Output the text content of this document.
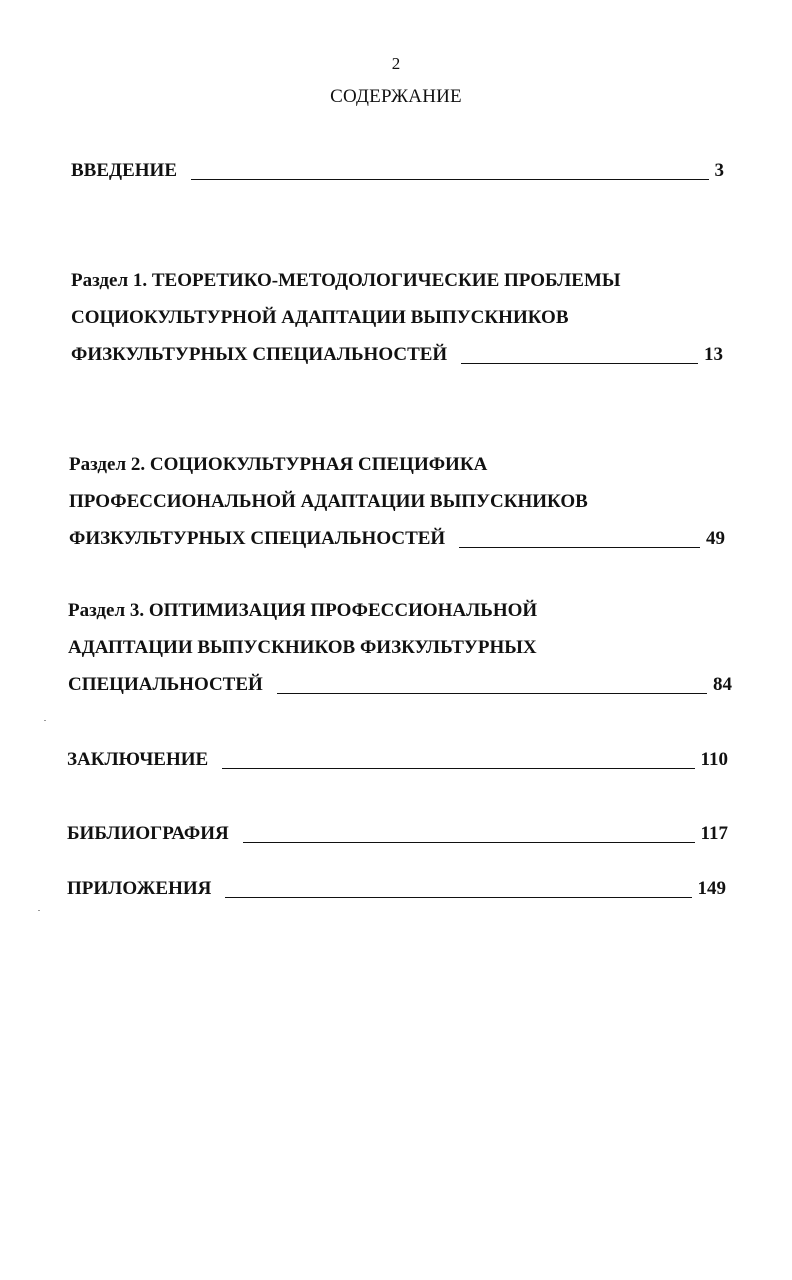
2
СОДЕРЖАНИЕ
ВВЕДЕНИЕ	3
Раздел 1. ТЕОРЕТИКО-МЕТОДОЛОГИЧЕСКИЕ ПРОБЛЕМЫ
СОЦИОКУЛЬТУРНОЙ АДАПТАЦИИ ВЫПУСКНИКОВ
ФИЗКУЛЬТУРНЫХ СПЕЦИАЛЬНОСТЕЙ	13
Раздел 2. СОЦИОКУЛЬТУРНАЯ СПЕЦИФИКА
ПРОФЕССИОНАЛЬНОЙ АДАПТАЦИИ ВЫПУСКНИКОВ
ФИЗКУЛЬТУРНЫХ СПЕЦИАЛЬНОСТЕЙ	49
Раздел 3. ОПТИМИЗАЦИЯ ПРОФЕССИОНАЛЬНОЙ
АДАПТАЦИИ ВЫПУСКНИКОВ ФИЗКУЛЬТУРНЫХ
СПЕЦИАЛЬНОСТЕЙ	84
ЗАКЛЮЧЕНИЕ	110
БИБЛИОГРАФИЯ	117
ПРИЛОЖЕНИЯ	149
